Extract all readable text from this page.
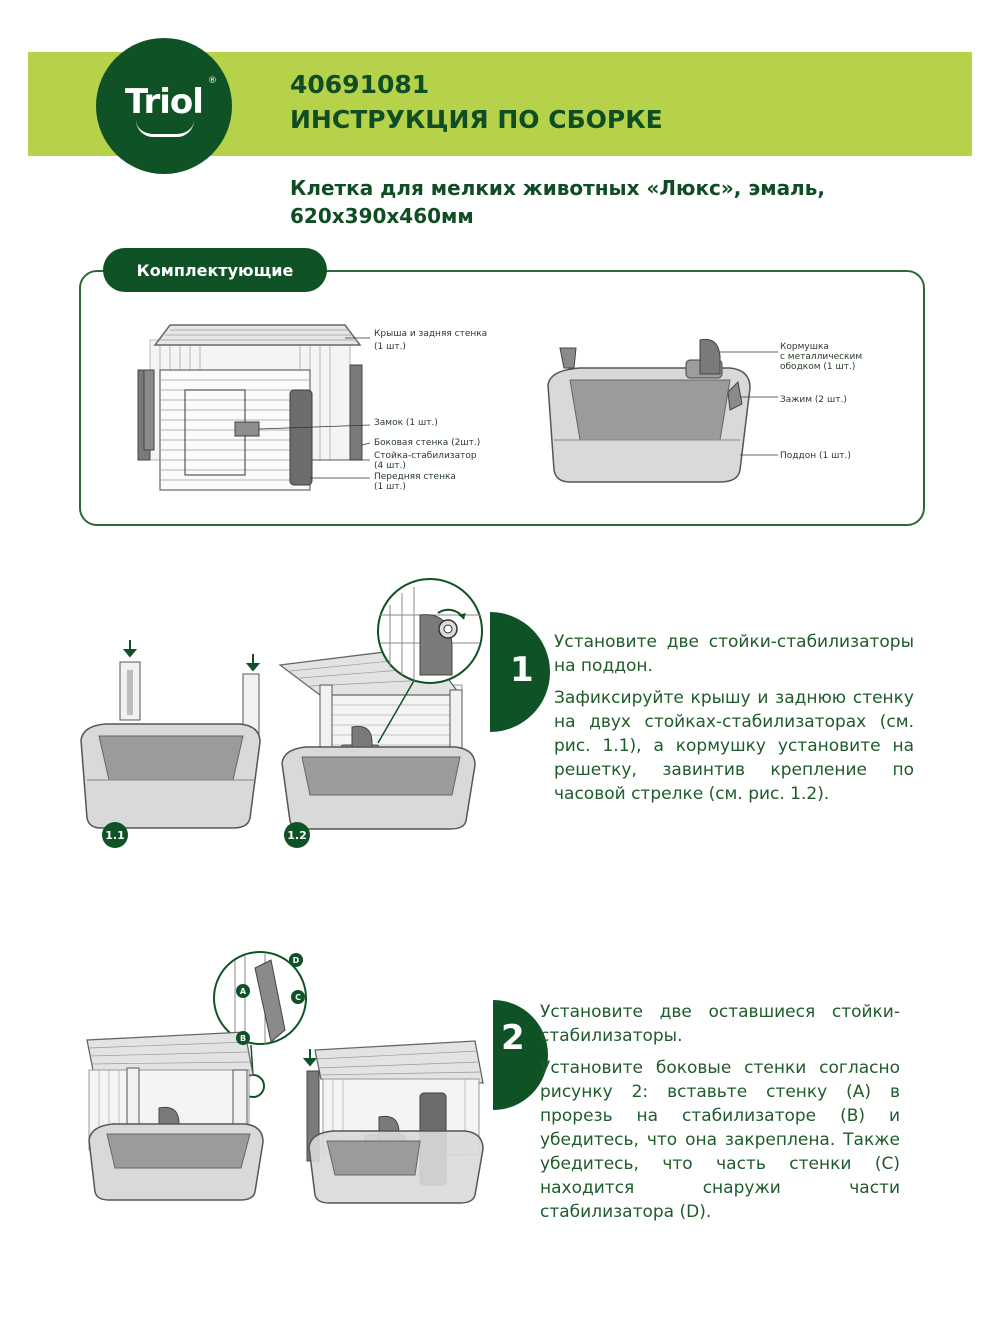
Triol
®	40691081
ИНСТРУКЦИЯ ПО СБОРКЕ
Клетка для мелких животных «Люкс», эмаль,
620х390х460мм
Комплектующие
Крыша и задняя стенка
(1 шт.)
Замок (1 шт.)
Боковая стенка (2шт.)
Стойка-стабилизатор
(4 шт.)
Передняя стенка
(1 шт.)
Кормушка
с металлическим
ободком (1 шт.)
Зажим (2 шт.)
Поддон (1 шт.)
1.1	1.2
1

Установите две стойки-стабилизаторы на поддон.

Зафиксируйте крышу и заднюю стенку на двух стойках-стабилизаторах (см. рис. 1.1), а кормушку установите на решетку, завинтив крепление по часовой стрелке (см. рис. 1.2).

A
B
C
D
2

Установите две оставшиеся стойки-стабилизаторы.

Установите боковые стенки согласно рисунку 2: вставьте стенку (А) в прорезь на стабилизаторе (В) и убедитесь, что она закреплена. Также убедитесь, что часть стенки (С) находится снаружи части стабилизатора (D).
